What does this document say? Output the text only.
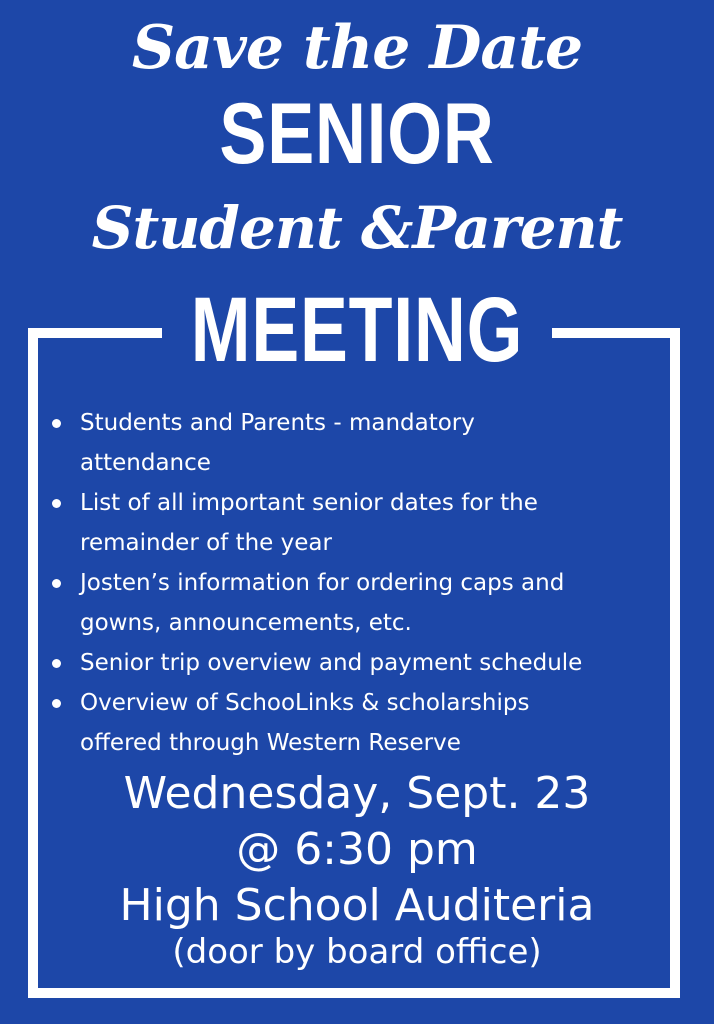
Save the Date
SENIOR
Student &Parent
MEETING
Students and Parents - mandatory
attendance
List of all important senior dates for the
remainder of the year
Josten’s information for ordering caps and
gowns, announcements, etc.
Senior trip overview and payment schedule
Overview of SchooLinks & scholarships
offered through Western Reserve
Wednesday, Sept. 23
@ 6:30 pm
High School Auditeria
(door by board office)
